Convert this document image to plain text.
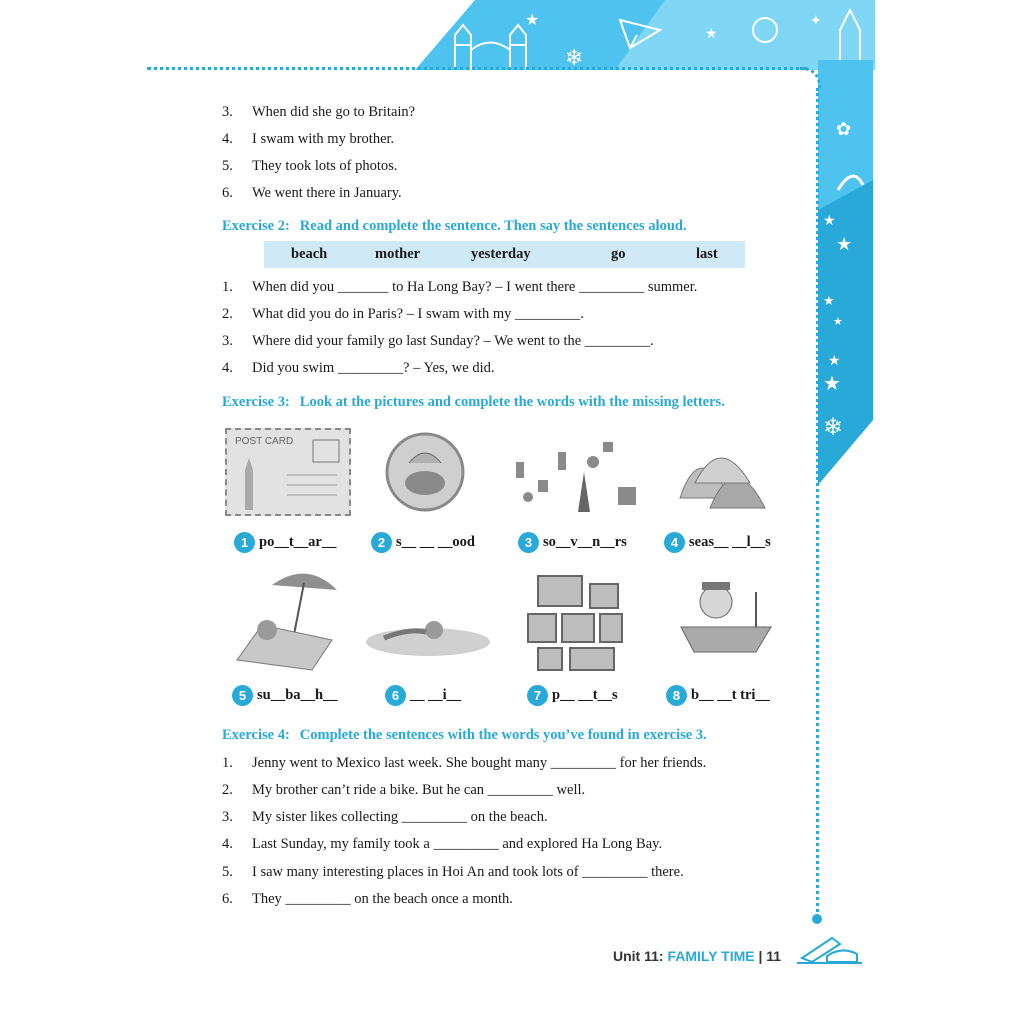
★
❄
★
✦
✿
★
★
★
★
★
★
❄
3. When did she go to Britain?
4. I swam with my brother.
5. They took lots of photos.
6. We went there in January.
Exercise 2: Read and complete the sentence. Then say the sentences aloud.
beach	mother	yesterday	go	last
1. When did you _______ to Ha Long Bay? – I went there _________ summer.
2. What did you do in Paris? – I swam with my _________.
3. Where did your family go last Sunday? – We went to the _________.
4. Did you swim _________? – Yes, we did.
Exercise 3: Look at the pictures and complete the words with the missing letters.
POST CARD
1 po__t__ar__	2 s__ __ __ood	3 so__v__n__rs	4 seas__ __l__s
5 su__ba__h__	6 __ __i__	7 p__ __t__s	8 b__ __t tri__
Exercise 4: Complete the sentences with the words you’ve found in exercise 3.
1. Jenny went to Mexico last week. She bought many _________ for her friends.
2. My brother can’t ride a bike. But he can _________ well.
3. My sister likes collecting _________ on the beach.
4. Last Sunday, my family took a _________ and explored Ha Long Bay.
5. I saw many interesting places in Hoi An and took lots of _________ there.
6. They _________ on the beach once a month.
Unit 11: FAMILY TIME | 11
